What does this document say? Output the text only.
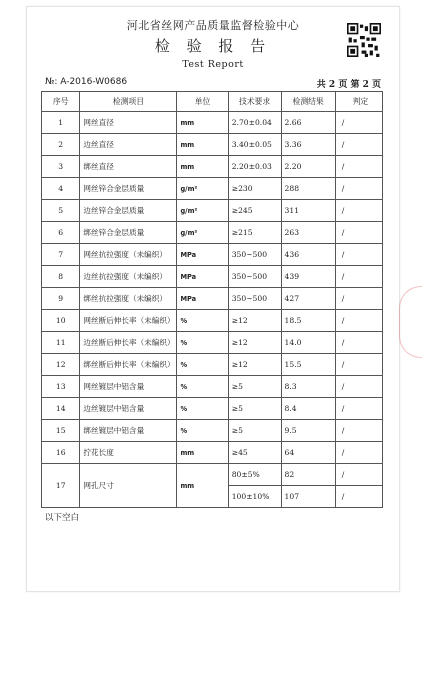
河北省丝网产品质量监督检验中心
检 验 报 告
Test Report
№: A-2016-W0686	共 2 页 第 2 页
序号	检测项目	单位	技术要求	检测结果	判定
1	网丝直径	mm	2.70±0.04	2.66	/
2	边丝直径	mm	3.40±0.05	3.36	/
3	绑丝直径	mm	2.20±0.03	2.20	/
4	网丝锌合金层质量	g/m²	≥230	288	/
5	边丝锌合金层质量	g/m²	≥245	311	/
6	绑丝锌合金层质量	g/m²	≥215	263	/
7	网丝抗拉强度（未编织）	MPa	350~500	436	/
8	边丝抗拉强度（未编织）	MPa	350~500	439	/
9	绑丝抗拉强度（未编织）	MPa	350~500	427	/
10	网丝断后伸长率（未编织）	%	≥12	18.5	/
11	边丝断后伸长率（未编织）	%	≥12	14.0	/
12	绑丝断后伸长率（未编织）	%	≥12	15.5	/
13	网丝镀层中铝含量	%	≥5	8.3	/
14	边丝镀层中铝含量	%	≥5	8.4	/
15	绑丝镀层中铝含量	%	≥5	9.5	/
16	拧花长度	mm	≥45	64	/
17	网孔尺寸	mm	80±5%	82	/
			100±10%	107	/
以下空白
